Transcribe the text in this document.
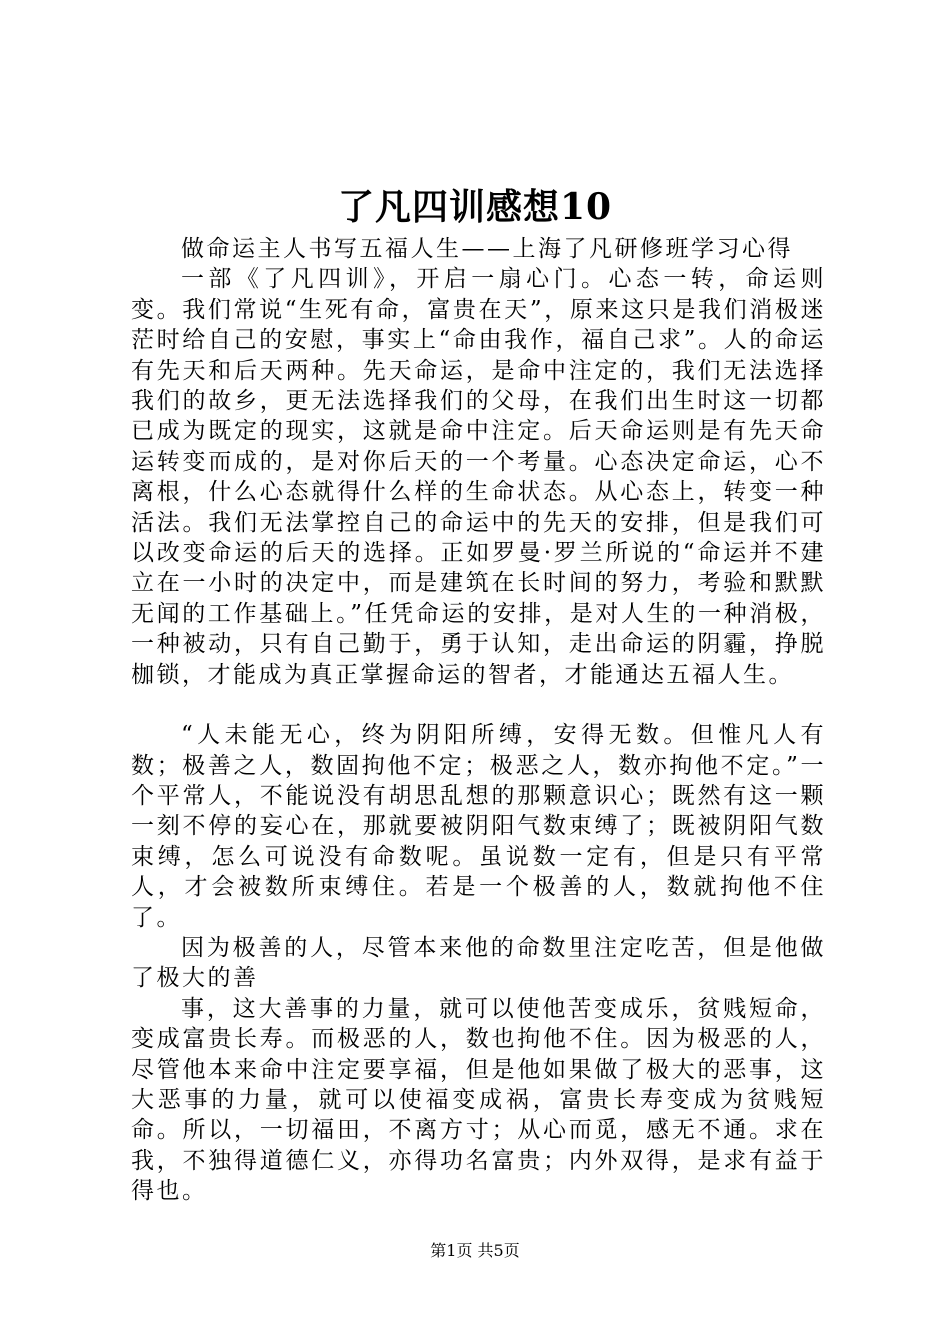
了凡四训感想10

做命运主人书写五福人生——上海了凡研修班学习心得

一部《了凡四训》，开启一扇心门。心态一转，命运则变。我们常说“生死有命，富贵在天”，原来这只是我们消极迷茫时给自己的安慰，事实上“命由我作，福自己求”。人的命运有先天和后天两种。先天命运，是命中注定的，我们无法选择我们的故乡，更无法选择我们的父母，在我们出生时这一切都已成为既定的现实，这就是命中注定。后天命运则是有先天命运转变而成的，是对你后天的一个考量。心态决定命运，心不离根，什么心态就得什么样的生命状态。从心态上，转变一种活法。我们无法掌控自己的命运中的先天的安排，但是我们可以改变命运的后天的选择。正如罗曼·罗兰所说的“命运并不建立在一小时的决定中，而是建筑在长时间的努力，考验和默默无闻的工作基础上。”任凭命运的安排，是对人生的一种消极，一种被动，只有自己勤于，勇于认知，走出命运的阴霾，挣脱枷锁，才能成为真正掌握命运的智者，才能通达五福人生。

“人未能无心，终为阴阳所缚，安得无数。但惟凡人有数；极善之人，数固拘他不定；极恶之人，数亦拘他不定。”一个平常人，不能说没有胡思乱想的那颗意识心；既然有这一颗一刻不停的妄心在，那就要被阴阳气数束缚了；既被阴阳气数束缚，怎么可说没有命数呢。虽说数一定有，但是只有平常人，才会被数所束缚住。若是一个极善的人，数就拘他不住了。

因为极善的人，尽管本来他的命数里注定吃苦，但是他做了极大的善

事，这大善事的力量，就可以使他苦变成乐，贫贱短命，变成富贵长寿。而极恶的人，数也拘他不住。因为极恶的人，尽管他本来命中注定要享福，但是他如果做了极大的恶事，这大恶事的力量，就可以使福变成祸，富贵长寿变成为贫贱短命。所以，一切福田，不离方寸；从心而觅，感无不通。求在我，不独得道德仁义，亦得功名富贵；内外双得，是求有益于得也。

第1页 共5页
